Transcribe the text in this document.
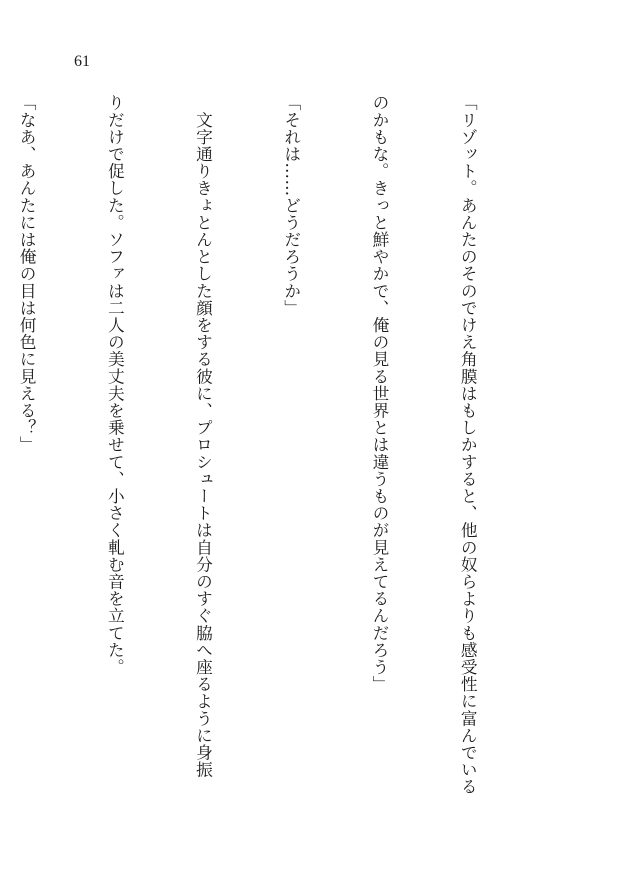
61

「リゾット。あんたのそのでけえ角膜はもしかすると、他の奴らよりも感受性に富んでいる

のかもな。きっと鮮やかで、俺の見る世界とは違うものが見えてるんだろう」

「それは……どうだろうか」

　文字通りきょとんとした顔をする彼に、プロシュートは自分のすぐ脇へ座るように身振

りだけで促した。ソファは二人の美丈夫を乗せて、小さく軋む音を立てた。

「なあ、あんたには俺の目は何色に見える？」
